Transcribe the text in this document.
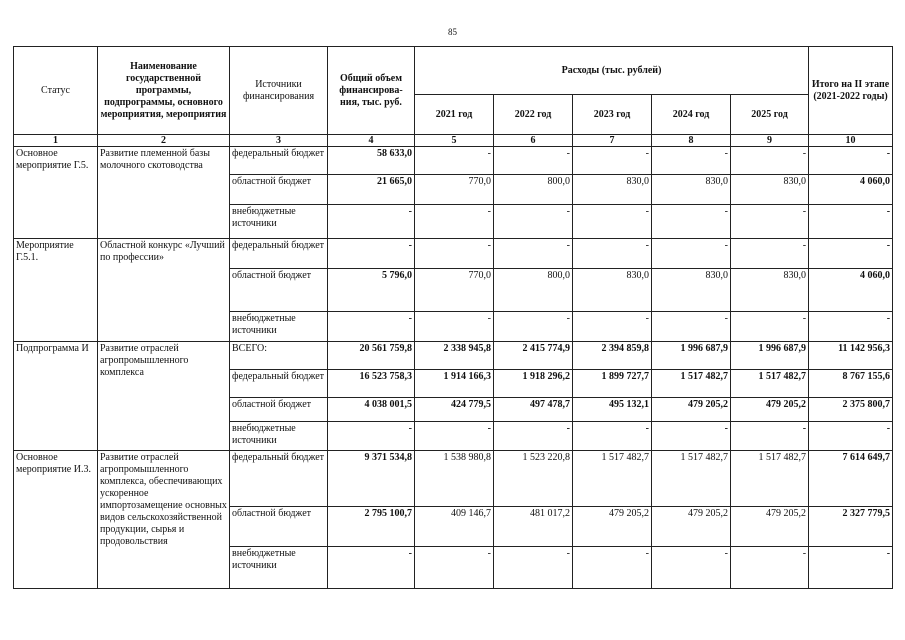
85
Статус	Наименование государственной программы, подпрограммы, основного мероприятия, мероприятия	Источники финансирования	Общий объем финансирова-ния, тыс. руб.	Расходы (тыс. рублей)					Итого на II этапе (2021-2022 годы)
				2021 год	2022 год	2023 год	2024 год	2025 год	
1	2	3	4	5	6	7	8	9	10
Основное мероприятие Г.5.	Развитие племенной базы молочного скотоводства	федеральный бюджет	58 633,0	-	-	-	-	-	-
		областной бюджет	21 665,0	770,0	800,0	830,0	830,0	830,0	4 060,0
		внебюджетные источники	-	-	-	-	-	-	-
Мероприятие Г.5.1.	Областной конкурс «Лучший по профессии»	федеральный бюджет	-	-	-	-	-	-	-
		областной бюджет	5 796,0	770,0	800,0	830,0	830,0	830,0	4 060,0
		внебюджетные источники	-	-	-	-	-	-	-
Подпрограмма И	Развитие отраслей агропромышленного комплекса	ВСЕГО:	20 561 759,8	2 338 945,8	2 415 774,9	2 394 859,8	1 996 687,9	1 996 687,9	11 142 956,3
		федеральный бюджет	16 523 758,3	1 914 166,3	1 918 296,2	1 899 727,7	1 517 482,7	1 517 482,7	8 767 155,6
		областной бюджет	4 038 001,5	424 779,5	497 478,7	495 132,1	479 205,2	479 205,2	2 375 800,7
		внебюджетные источники	-	-	-	-	-	-	-
Основное мероприятие И.3.	Развитие отраслей агропромышленного комплекса, обеспечивающих ускоренное импортозамещение основных видов сельскохозяйственной продукции, сырья и продовольствия	федеральный бюджет	9 371 534,8	1 538 980,8	1 523 220,8	1 517 482,7	1 517 482,7	1 517 482,7	7 614 649,7
		областной бюджет	2 795 100,7	409 146,7	481 017,2	479 205,2	479 205,2	479 205,2	2 327 779,5
		внебюджетные источники	-	-	-	-	-	-	-
